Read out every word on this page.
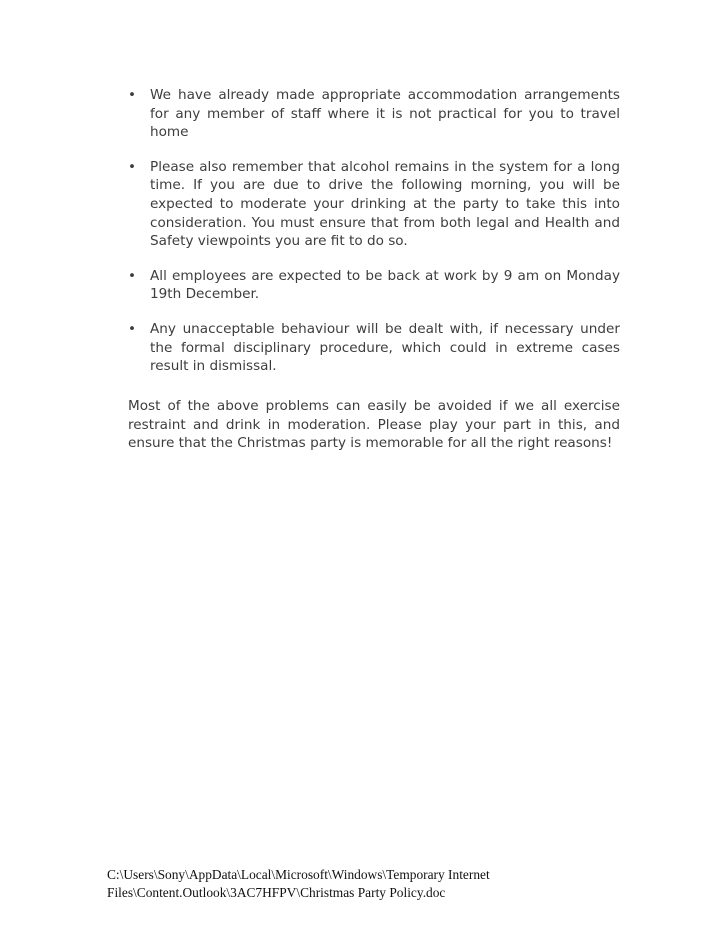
• We have already made appropriate accommodation arrangements for any member of staff where it is not practical for you to travel home
• Please also remember that alcohol remains in the system for a long time. If you are due to drive the following morning, you will be expected to moderate your drinking at the party to take this into consideration. You must ensure that from both legal and Health and Safety viewpoints you are fit to do so.
• All employees are expected to be back at work by 9 am on Monday 19th December.
• Any unacceptable behaviour will be dealt with, if necessary under the formal disciplinary procedure, which could in extreme cases result in dismissal.

Most of the above problems can easily be avoided if we all exercise restraint and drink in moderation. Please play your part in this, and ensure that the Christmas party is memorable for all the right reasons!

C:\Users\Sony\AppData\Local\Microsoft\Windows\Temporary Internet
Files\Content.Outlook\3AC7HFPV\Christmas Party Policy.doc
